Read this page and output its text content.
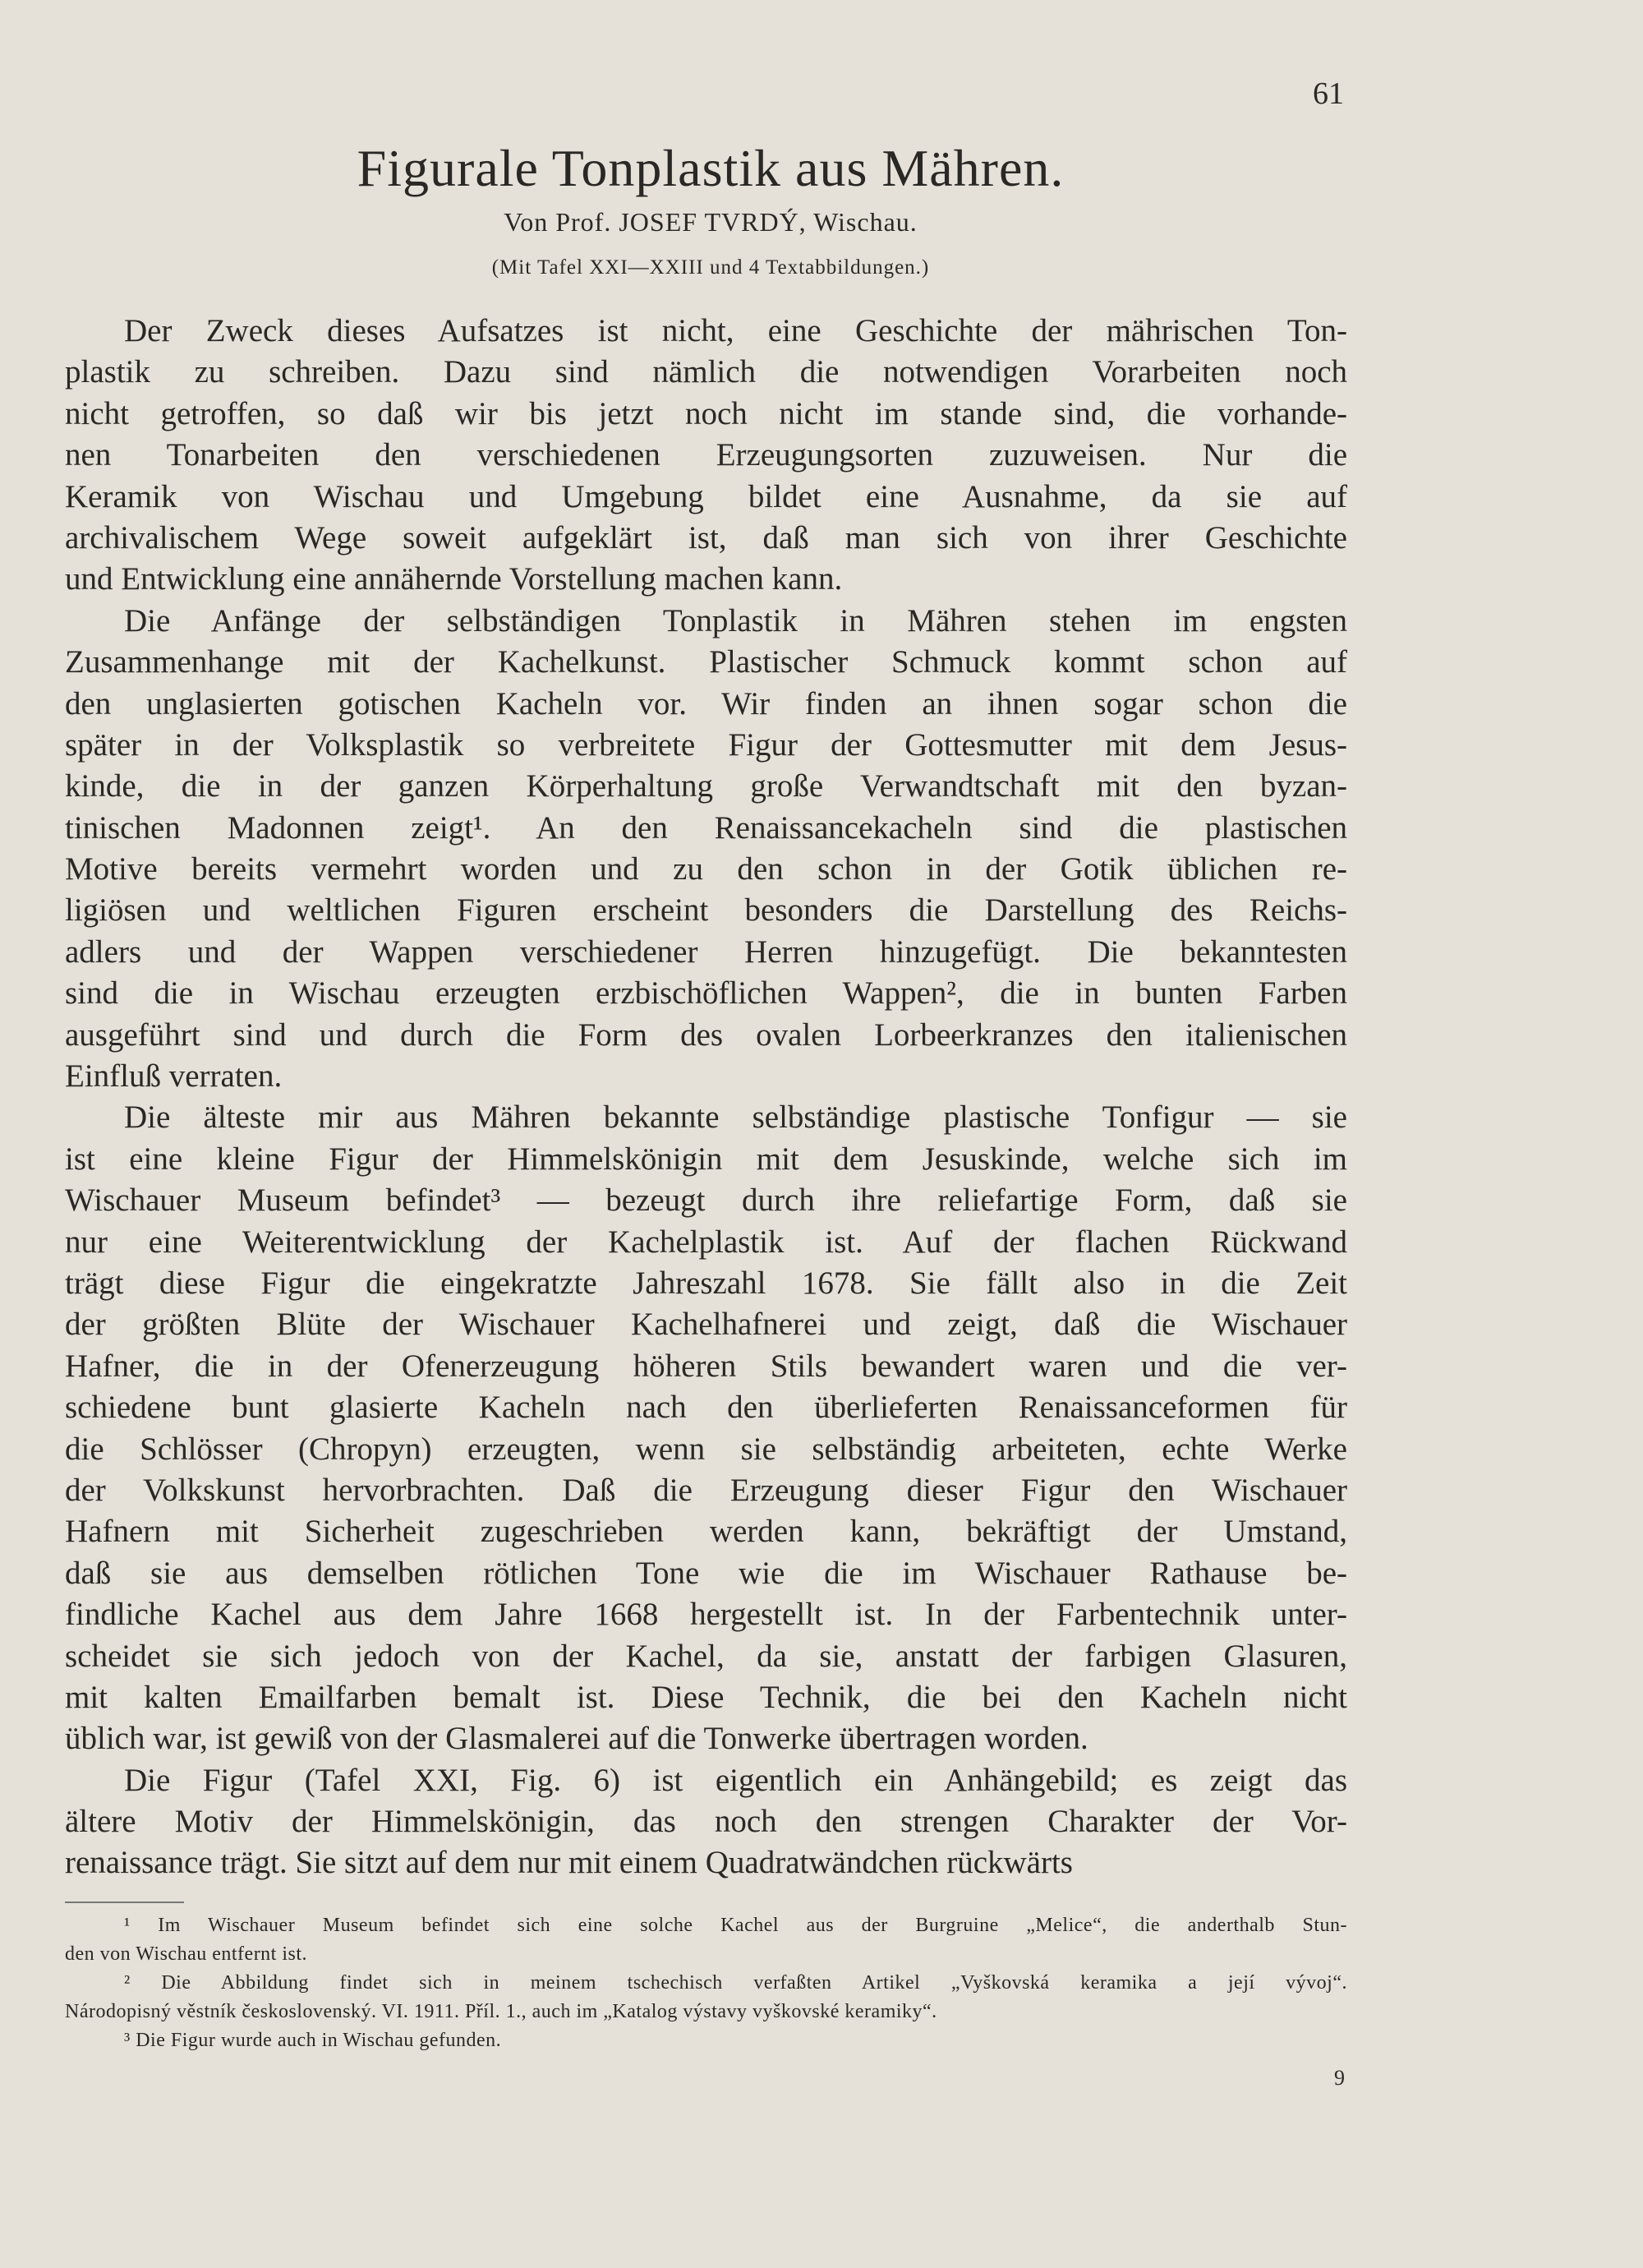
61
Figurale Tonplastik aus Mähren.
Von Prof. JOSEF TVRDÝ, Wischau.
(Mit Tafel XXI—XXIII und 4 Textabbildungen.)
Der Zweck dieses Aufsatzes ist nicht, eine Geschichte der mährischen Ton-
plastik zu schreiben. Dazu sind nämlich die notwendigen Vorarbeiten noch
nicht getroffen, so daß wir bis jetzt noch nicht im stande sind, die vorhande-
nen Tonarbeiten den verschiedenen Erzeugungsorten zuzuweisen. Nur die
Keramik von Wischau und Umgebung bildet eine Ausnahme, da sie auf
archivalischem Wege soweit aufgeklärt ist, daß man sich von ihrer Geschichte
und Entwicklung eine annähernde Vorstellung machen kann.
Die Anfänge der selbständigen Tonplastik in Mähren stehen im engsten
Zusammenhange mit der Kachelkunst. Plastischer Schmuck kommt schon auf
den unglasierten gotischen Kacheln vor. Wir finden an ihnen sogar schon die
später in der Volksplastik so verbreitete Figur der Gottesmutter mit dem Jesus-
kinde, die in der ganzen Körperhaltung große Verwandtschaft mit den byzan-
tinischen Madonnen zeigt¹. An den Renaissancekacheln sind die plastischen
Motive bereits vermehrt worden und zu den schon in der Gotik üblichen re-
ligiösen und weltlichen Figuren erscheint besonders die Darstellung des Reichs-
adlers und der Wappen verschiedener Herren hinzugefügt. Die bekanntesten
sind die in Wischau erzeugten erzbischöflichen Wappen², die in bunten Farben
ausgeführt sind und durch die Form des ovalen Lorbeerkranzes den italienischen
Einfluß verraten.
Die älteste mir aus Mähren bekannte selbständige plastische Tonfigur — sie
ist eine kleine Figur der Himmelskönigin mit dem Jesuskinde, welche sich im
Wischauer Museum befindet³ — bezeugt durch ihre reliefartige Form, daß sie
nur eine Weiterentwicklung der Kachelplastik ist. Auf der flachen Rückwand
trägt diese Figur die eingekratzte Jahreszahl 1678. Sie fällt also in die Zeit
der größten Blüte der Wischauer Kachelhafnerei und zeigt, daß die Wischauer
Hafner, die in der Ofenerzeugung höheren Stils bewandert waren und die ver-
schiedene bunt glasierte Kacheln nach den überlieferten Renaissanceformen für
die Schlösser (Chropyn) erzeugten, wenn sie selbständig arbeiteten, echte Werke
der Volkskunst hervorbrachten. Daß die Erzeugung dieser Figur den Wischauer
Hafnern mit Sicherheit zugeschrieben werden kann, bekräftigt der Umstand,
daß sie aus demselben rötlichen Tone wie die im Wischauer Rathause be-
findliche Kachel aus dem Jahre 1668 hergestellt ist. In der Farbentechnik unter-
scheidet sie sich jedoch von der Kachel, da sie, anstatt der farbigen Glasuren,
mit kalten Emailfarben bemalt ist. Diese Technik, die bei den Kacheln nicht
üblich war, ist gewiß von der Glasmalerei auf die Tonwerke übertragen worden.
Die Figur (Tafel XXI, Fig. 6) ist eigentlich ein Anhängebild; es zeigt das
ältere Motiv der Himmelskönigin, das noch den strengen Charakter der Vor-
renaissance trägt. Sie sitzt auf dem nur mit einem Quadratwändchen rückwärts
¹ Im Wischauer Museum befindet sich eine solche Kachel aus der Burgruine „Melice“, die anderthalb Stun-
den von Wischau entfernt ist.
² Die Abbildung findet sich in meinem tschechisch verfaßten Artikel „Vyškovská keramika a její vývoj“.
Národopisný věstník československý. VI. 1911. Příl. 1., auch im „Katalog výstavy vyškovské keramiky“.
³ Die Figur wurde auch in Wischau gefunden.
9
